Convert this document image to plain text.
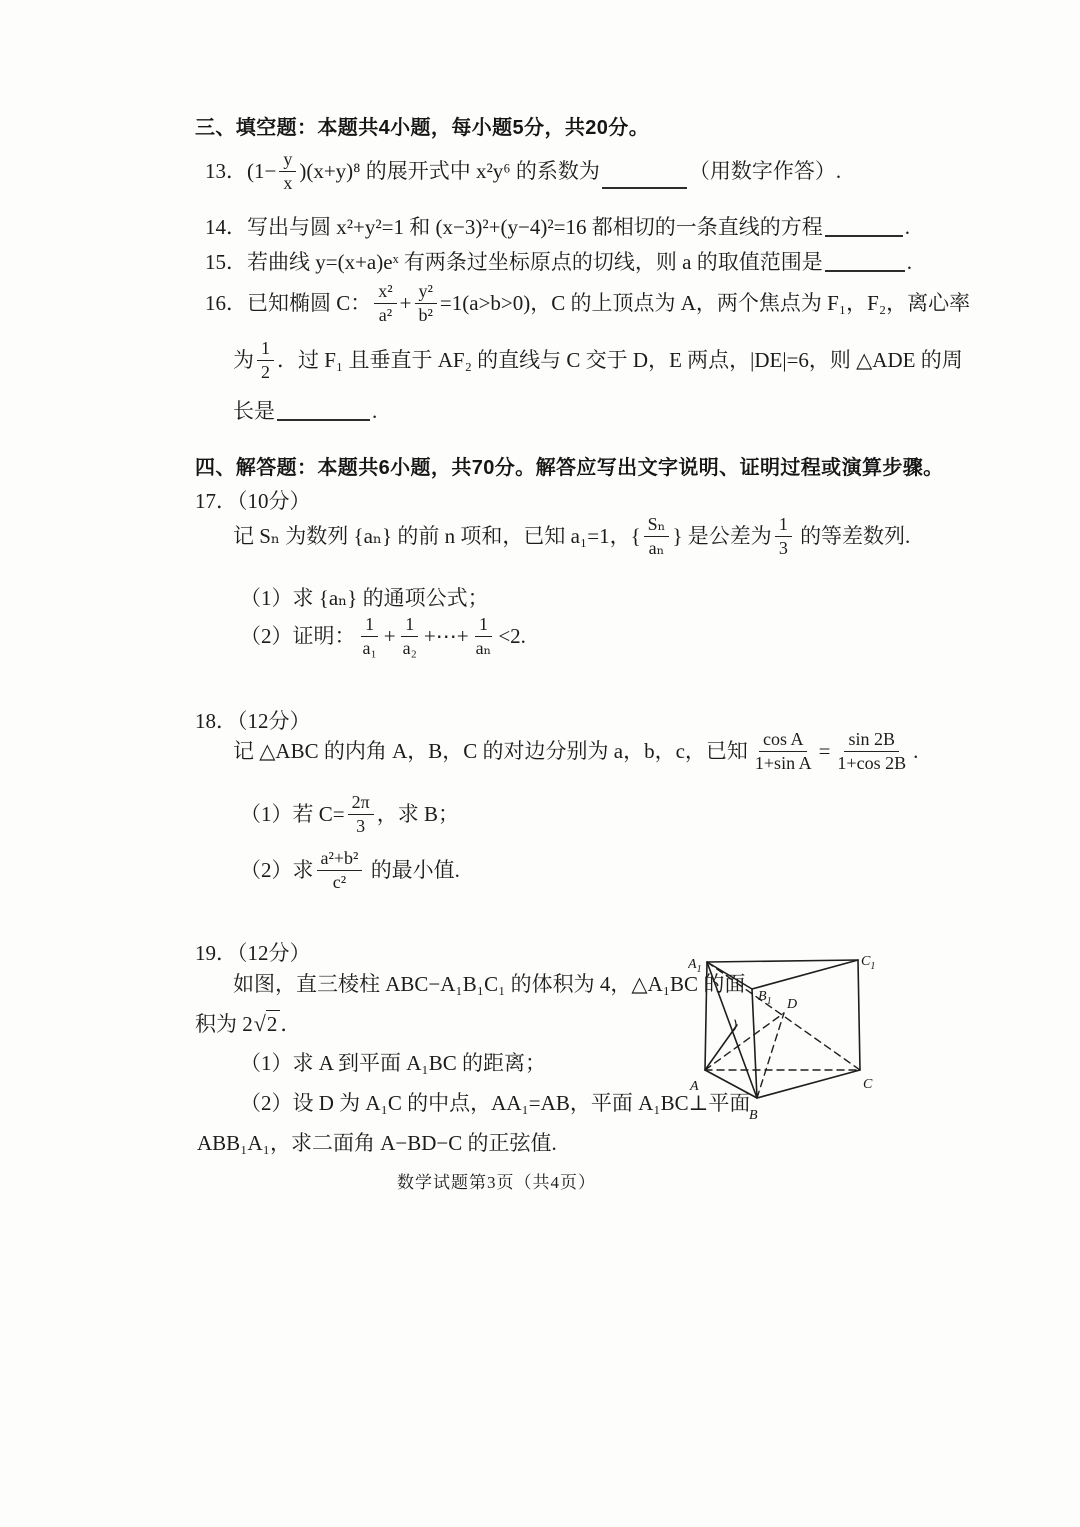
三、填空题：本题共4小题，每小题5分，共20分。
13． $(1- \frac{y}{x} )(x+y)^8$ 的展开式中 x²y⁶ 的系数为	（用数字作答）.
14． 写出与圆 x²+y²=1 和 (x−3)²+(y−4)²=16 都相切的一条直线的方程	.
15． 若曲线 y=(x+a)eˣ 有两条过坐标原点的切线，则 a 的取值范围是	.
16． 已知椭圆 C： $\frac{\text{x²}}{\text{a²}} + \frac{\text{y²}}{\text{b²}} =1(a>b>0)$，C 的上顶点为 A，两个焦点为 F₁，F₂，离心率
为 $\frac{1}{2}$ ．过 F₁ 且垂直于 AF₂ 的直线与 C 交于 D，E 两点，|DE|=6，则 △ADE 的周
长是	.
四、解答题：本题共6小题，共70分。解答应写出文字说明、证明过程或演算步骤。
17．（10分）
记 Sₙ 为数列 {aₙ} 的前 n 项和，已知 a₁=1，{ $\frac{\text{Sₙ}}{\text{aₙ}}$ } 是公差为 $\frac{1}{3}$ 的等差数列.
（1）求 {aₙ} 的通项公式；
（2）证明： $\frac{1}{\text{a₁}} + \frac{1}{\text{a₂}}$ +⋯+ $\frac{1}{\text{aₙ}} <2$.
18．（12分）
记 △ABC 的内角 A，B，C 的对边分别为 a，b，c，已知 $\frac{\text{cos A}}{\text{1+sin A}} = \frac{\sin 2B}{1+\cos 2B}$ .
（1）若 $C= \frac{2\pi}{3}$ ，求 B；
（2）求 $\frac{\text{a²+b²}}{\text{c²}}$ 的最小值.
19．（12分）
如图，直三棱柱 ABC−A₁B₁C₁ 的体积为 4，△A₁BC 的面
积为 2 √ 2 ．
（1）求 A 到平面 A₁BC 的距离；
（2）设 D 为 A₁C 的中点，AA₁=AB，平面 A₁BC⊥平面
ABB₁A₁，求二面角 A−BD−C 的正弦值.
$A_1$
$C_1$
$B_1$ D
A
B
C
数学试题第3页（共4页）
